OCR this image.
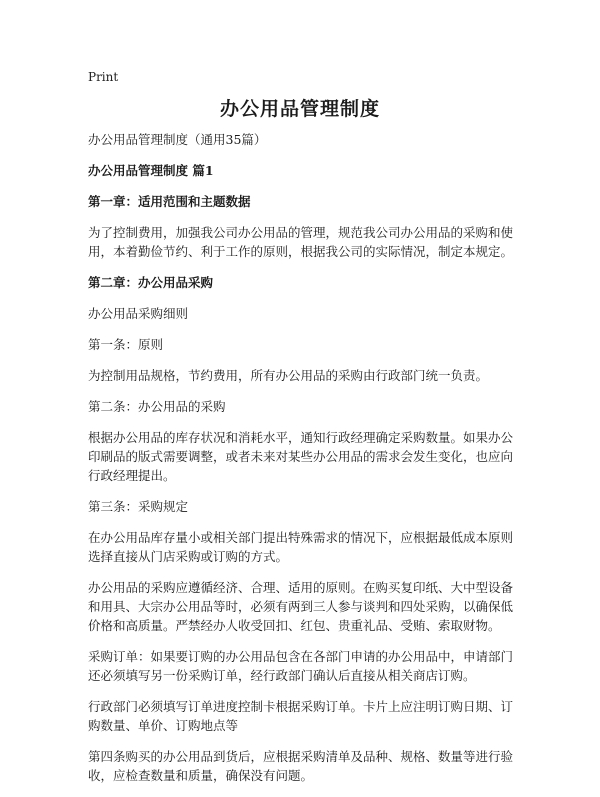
Print
办公用品管理制度

办公用品管理制度（通用35篇）

办公用品管理制度 篇1

第一章：适用范围和主题数据

为了控制费用，加强我公司办公用品的管理，规范我公司办公用品的采购和使用，本着勤俭节约、利于工作的原则，根据我公司的实际情况，制定本规定。

第二章：办公用品采购

办公用品采购细则

第一条：原则

为控制用品规格，节约费用，所有办公用品的采购由行政部门统一负责。

第二条：办公用品的采购

根据办公用品的库存状况和消耗水平，通知行政经理确定采购数量。如果办公印刷品的版式需要调整，或者未来对某些办公用品的需求会发生变化，也应向行政经理提出。

第三条：采购规定

在办公用品库存量小或相关部门提出特殊需求的情况下，应根据最低成本原则选择直接从门店采购或订购的方式。

办公用品的采购应遵循经济、合理、适用的原则。在购买复印纸、大中型设备和用具、大宗办公用品等时，必须有两到三人参与谈判和四处采购，以确保低价格和高质量。严禁经办人收受回扣、红包、贵重礼品、受贿、索取财物。

采购订单：如果要订购的办公用品包含在各部门申请的办公用品中，申请部门还必须填写另一份采购订单，经行政部门确认后直接从相关商店订购。

行政部门必须填写订单进度控制卡根据采购订单。卡片上应注明订购日期、订购数量、单价、订购地点等

第四条购买的办公用品到货后，应根据采购清单及品种、规格、数量等进行验收，应检查数量和质量，确保没有问题。
